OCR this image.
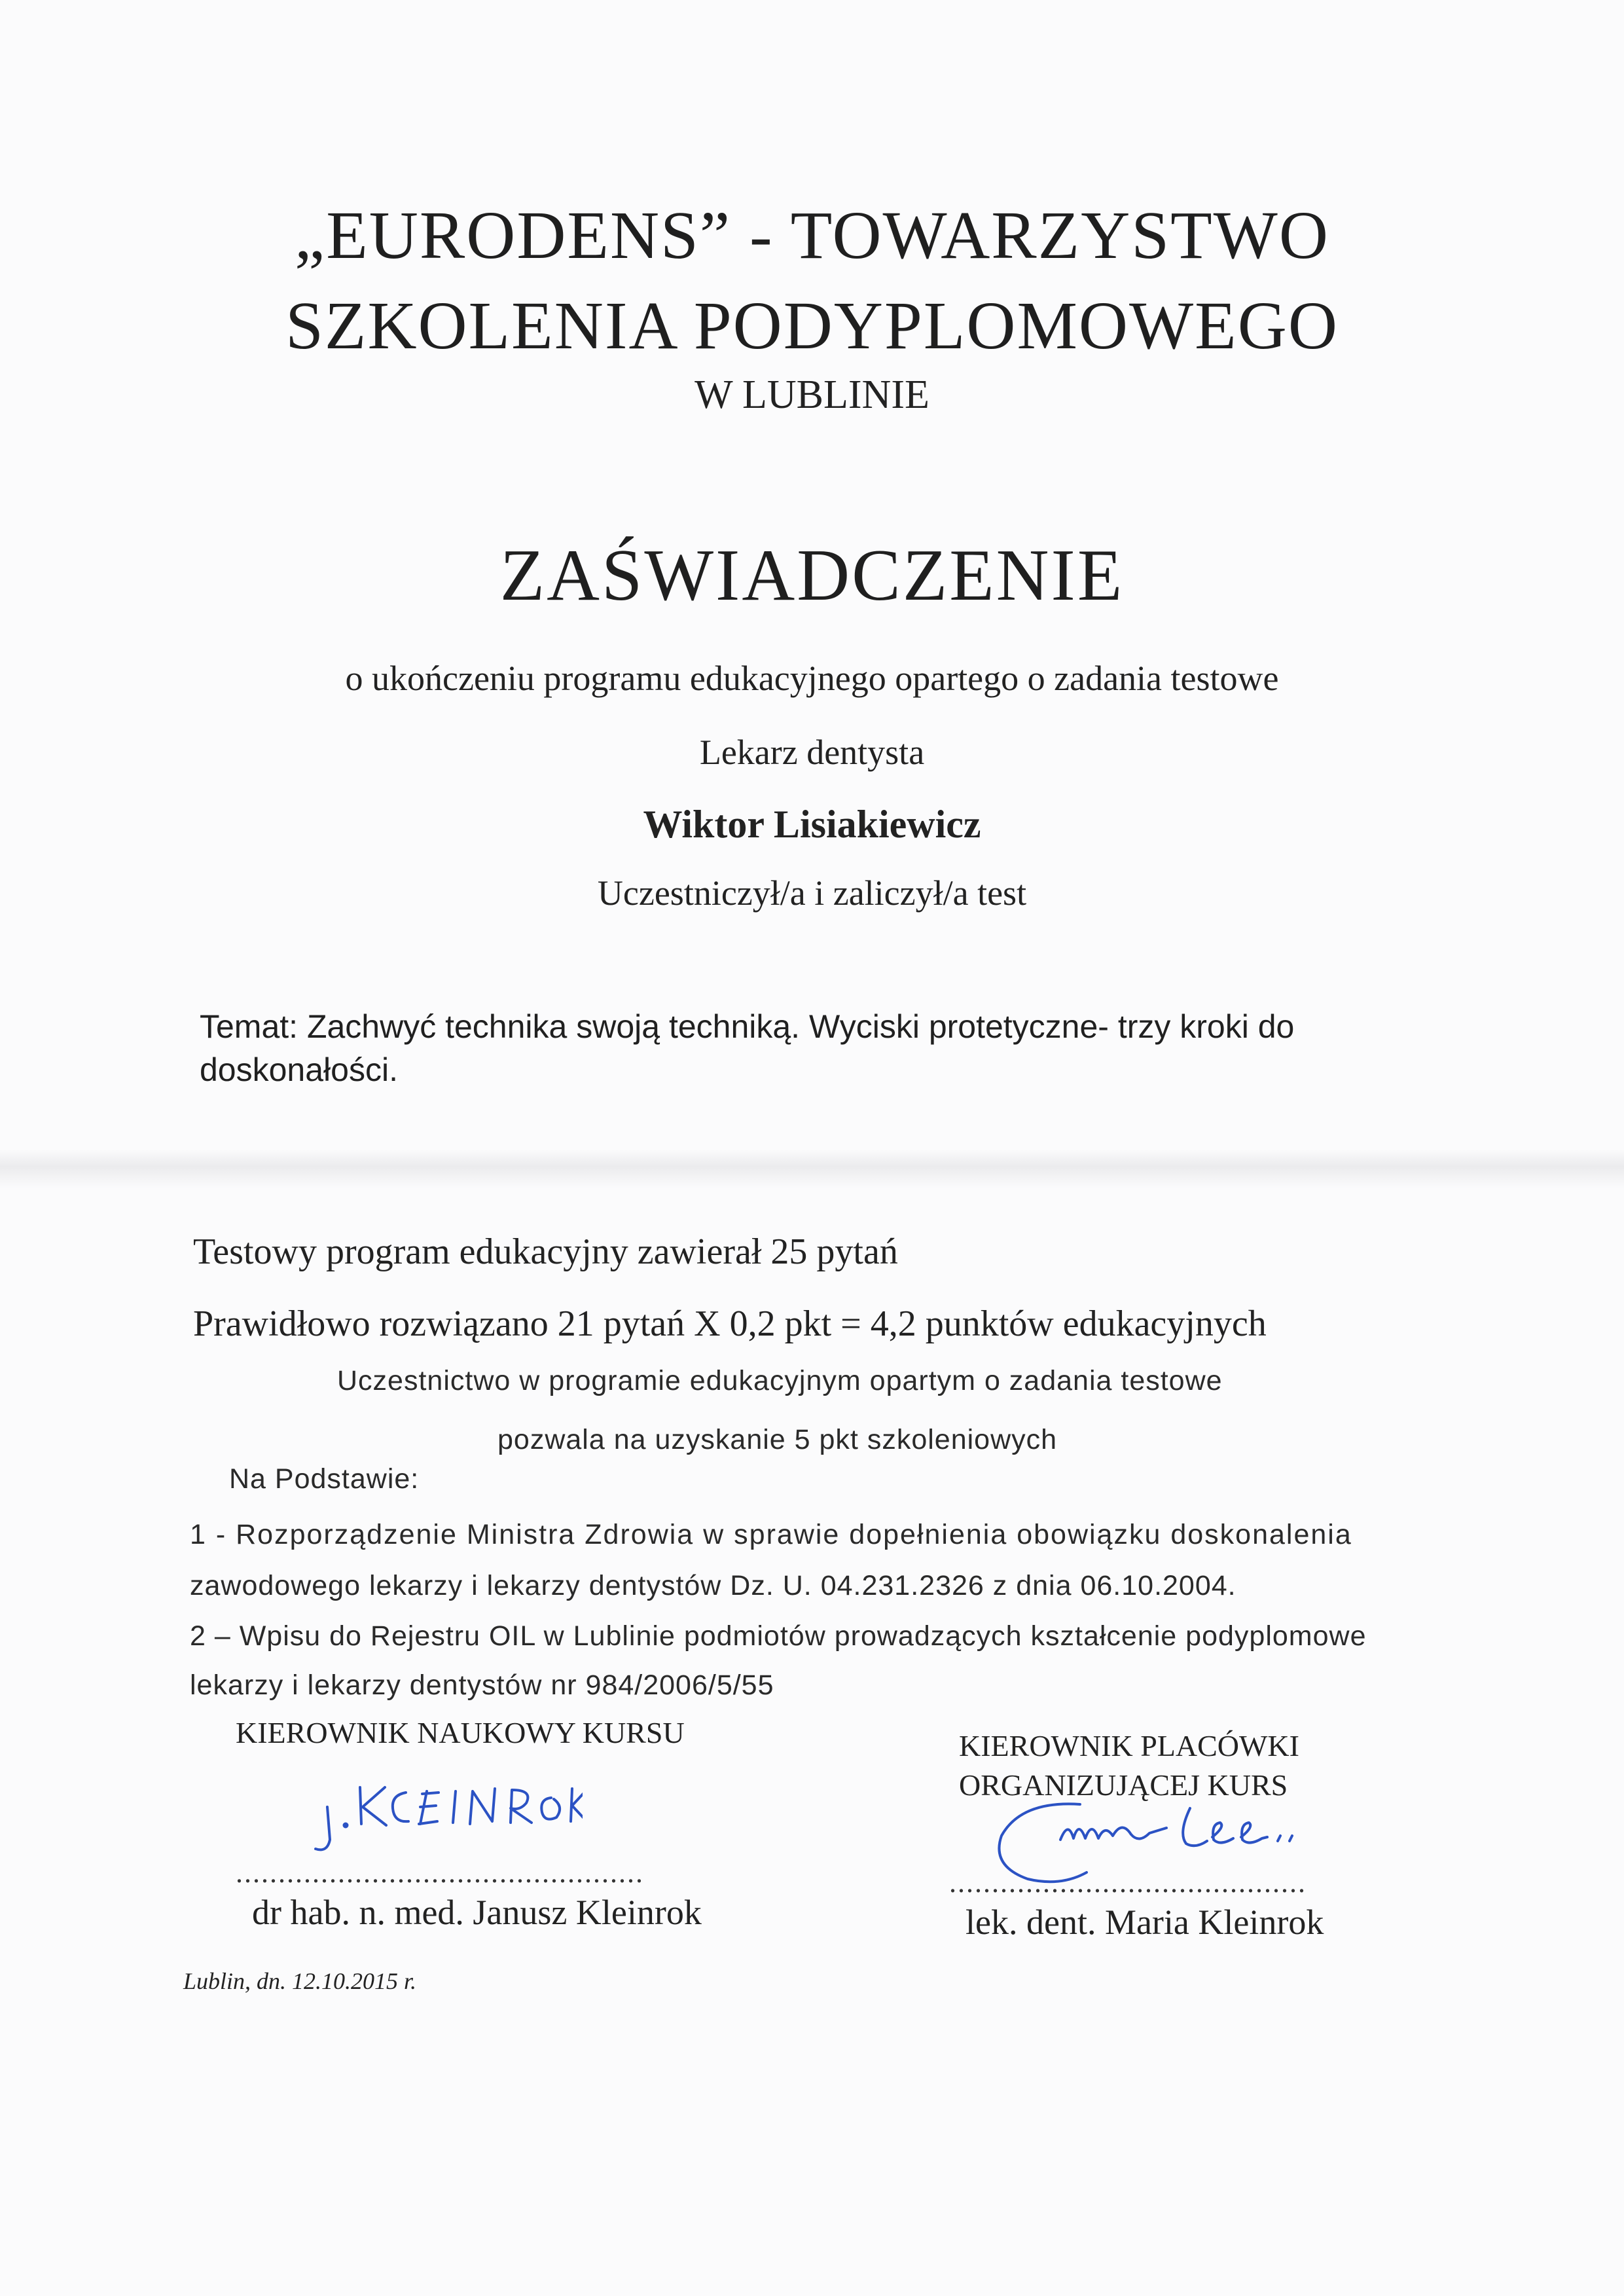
„EURODENS” - TOWARZYSTWO
SZKOLENIA PODYPLOMOWEGO
W LUBLINIE
ZAŚWIADCZENIE
o ukończeniu programu edukacyjnego opartego o zadania testowe
Lekarz dentysta
Wiktor Lisiakiewicz
Uczestniczył/a i zaliczył/a test
Temat: Zachwyć technika swoją techniką. Wyciski protetyczne- trzy kroki do doskonałości.
Testowy program edukacyjny zawierał 25 pytań
Prawidłowo rozwiązano 21 pytań X 0,2 pkt = 4,2 punktów edukacyjnych
Uczestnictwo w programie edukacyjnym opartym o zadania testowe
pozwala na uzyskanie 5 pkt szkoleniowych
Na Podstawie:
1 - Rozporządzenie Ministra Zdrowia w sprawie dopełnienia obowiązku doskonalenia
zawodowego lekarzy i lekarzy dentystów Dz. U. 04.231.2326 z dnia 06.10.2004.
2 – Wpisu do Rejestru OIL w Lublinie podmiotów prowadzących kształcenie podyplomowe
lekarzy i lekarzy dentystów nr 984/2006/5/55
KIEROWNIK NAUKOWY KURSU	KIEROWNIK PLACÓWKI
ORGANIZUJĄCEJ KURS
................................................	..........................................
dr hab. n. med. Janusz Kleinrok	lek. dent. Maria Kleinrok
Lublin, dn. 12.10.2015 r.
